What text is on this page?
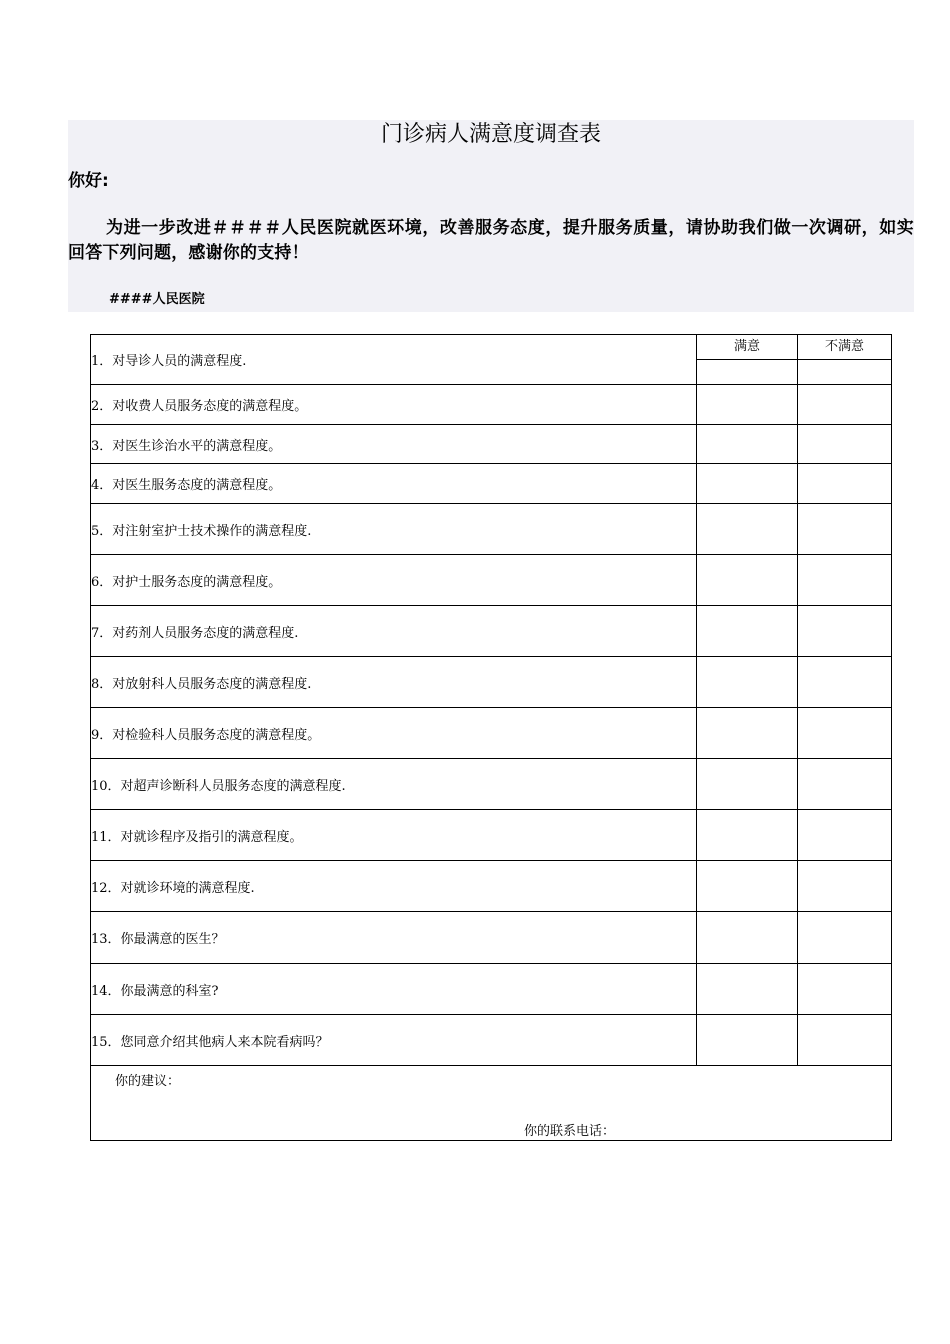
门诊病人满意度调查表
你好:
为进一步改进＃＃＃＃人民医院就医环境，改善服务态度，提升服务质量，请协助我们做一次调研，如实回答下列问题，感谢你的支持！
####人民医院
1．对导诊人员的满意程度.	满意	不满意

2．对收费人员服务态度的满意程度。		
3．对医生诊治水平的满意程度。		
4．对医生服务态度的满意程度。		
5．对注射室护士技术操作的满意程度.		
6．对护士服务态度的满意程度。		
7．对药剂人员服务态度的满意程度.		
8．对放射科人员服务态度的满意程度.		
9．对检验科人员服务态度的满意程度。		
10．对超声诊断科人员服务态度的满意程度.		
11．对就诊程序及指引的满意程度。		
12．对就诊环境的满意程度.		
13．你最满意的医生？		
14．你最满意的科室?		
15．您同意介绍其他病人来本院看病吗？		

你的建议：
你的联系电话：		
